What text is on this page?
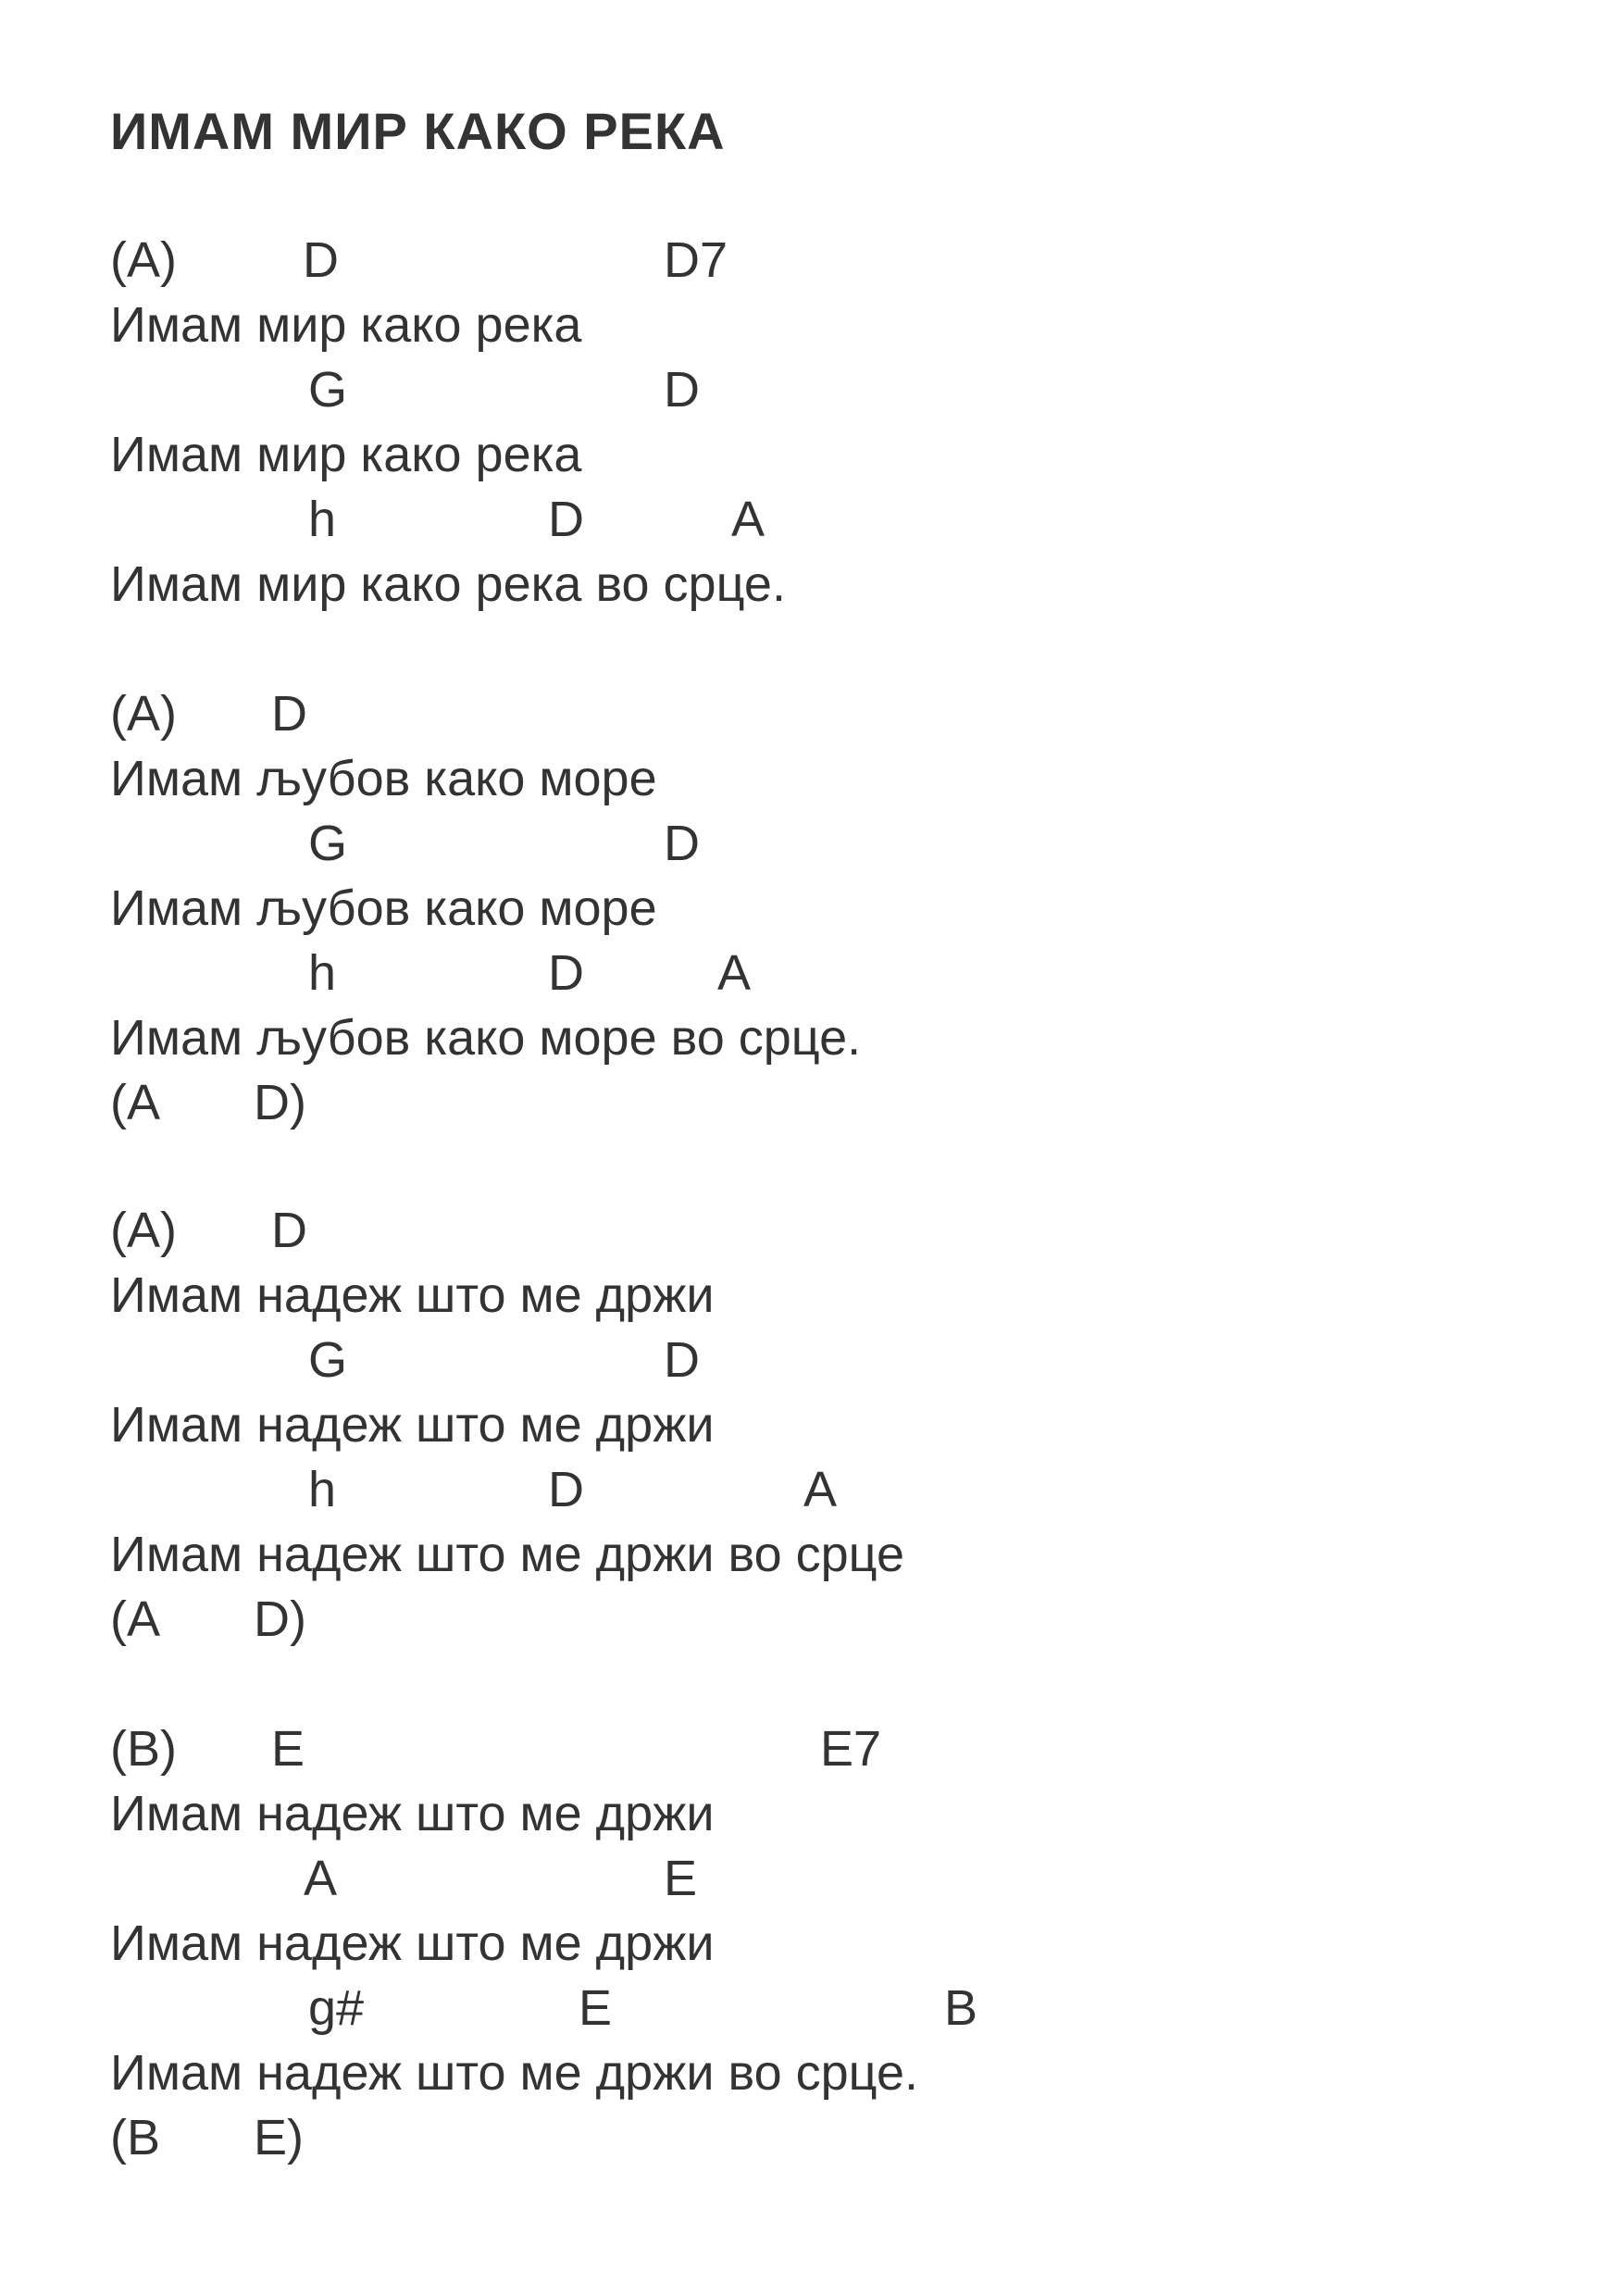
ИМАМ МИР КАКО РЕКА
(A)	D	D7
Имам мир како река
G	D
Имам мир како река
h	D	A
Имам мир како река во срце.
(A) D
Имам љубов како море
G	D
Имам љубов како море
h	D	A
Имам љубов како море во срце.
(A D)
(A) D
Имам надеж што ме држи
G	D
Имам надеж што ме држи
h	D	A
Имам надеж што ме држи во срце
(A D)
(B) E	E7
Имам надеж што ме држи
A	E
Имам надеж што ме држи
g#	E	B
Имам надеж што ме држи во срце.
(B E)
